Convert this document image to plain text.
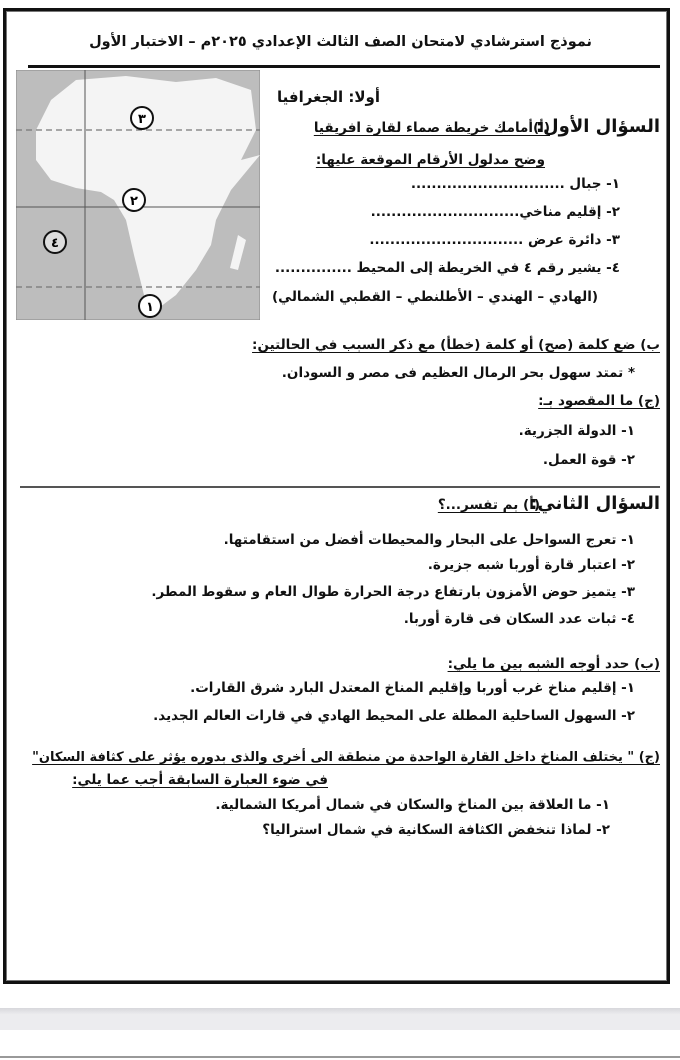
نموذج استرشادي لامتحان الصف الثالث الإعدادي ٢٠٢٥م – الاختبار الأول
٣
٢
٤
١
أولا: الجغرافيا
السؤال الأول:
(أ)أمامك خريطة صماء لقارة افريقيا
وضح مدلول الأرقام الموقعة عليها:
١- جبال ..............................
٢- إقليم مناخي.............................
٣- دائرة عرض ..............................
٤- يشير رقم ٤ في الخريطة إلى المحيط ...............
(الهادي – الهندي – الأطلنطي – القطبي الشمالي)
ب) ضع كلمة (صح) أو كلمة (خطأ) مع ذكر السبب في الحالتين:
* تمتد سهول بحر الرمال العظيم فى مصر و السودان.
(ج) ما المقصود بـ:
١- الدولة الجزرية.
٢- قوة العمل.
السؤال الثاني:
(أ) بم تفسر...؟
١- تعرج السواحل على البحار والمحيطات أفضل من استقامتها.
٢- اعتبار قارة أوربا شبه جزيرة.
٣- يتميز حوض الأمزون بارتفاع درجة الحرارة طوال العام و سقوط المطر.
٤- ثبات عدد السكان فى قارة أوربا.
(ب) حدد أوجه الشبه بين ما يلي:
١- إقليم مناخ غرب أوربا وإقليم المناخ المعتدل البارد شرق القارات.
٢- السهول الساحلية المطلة على المحيط الهادي في قارات العالم الجديد.
(ج) " يختلف المناخ داخل القارة الواحدة من منطقة الى أخرى والذى بدوره يؤثر على كثافة السكان"
في ضوء العبارة السابقة أجب عما يلي:
١- ما العلاقة بين المناخ والسكان في شمال أمريكا الشمالية.
٢- لماذا تنخفض الكثافة السكانية في شمال استراليا؟
